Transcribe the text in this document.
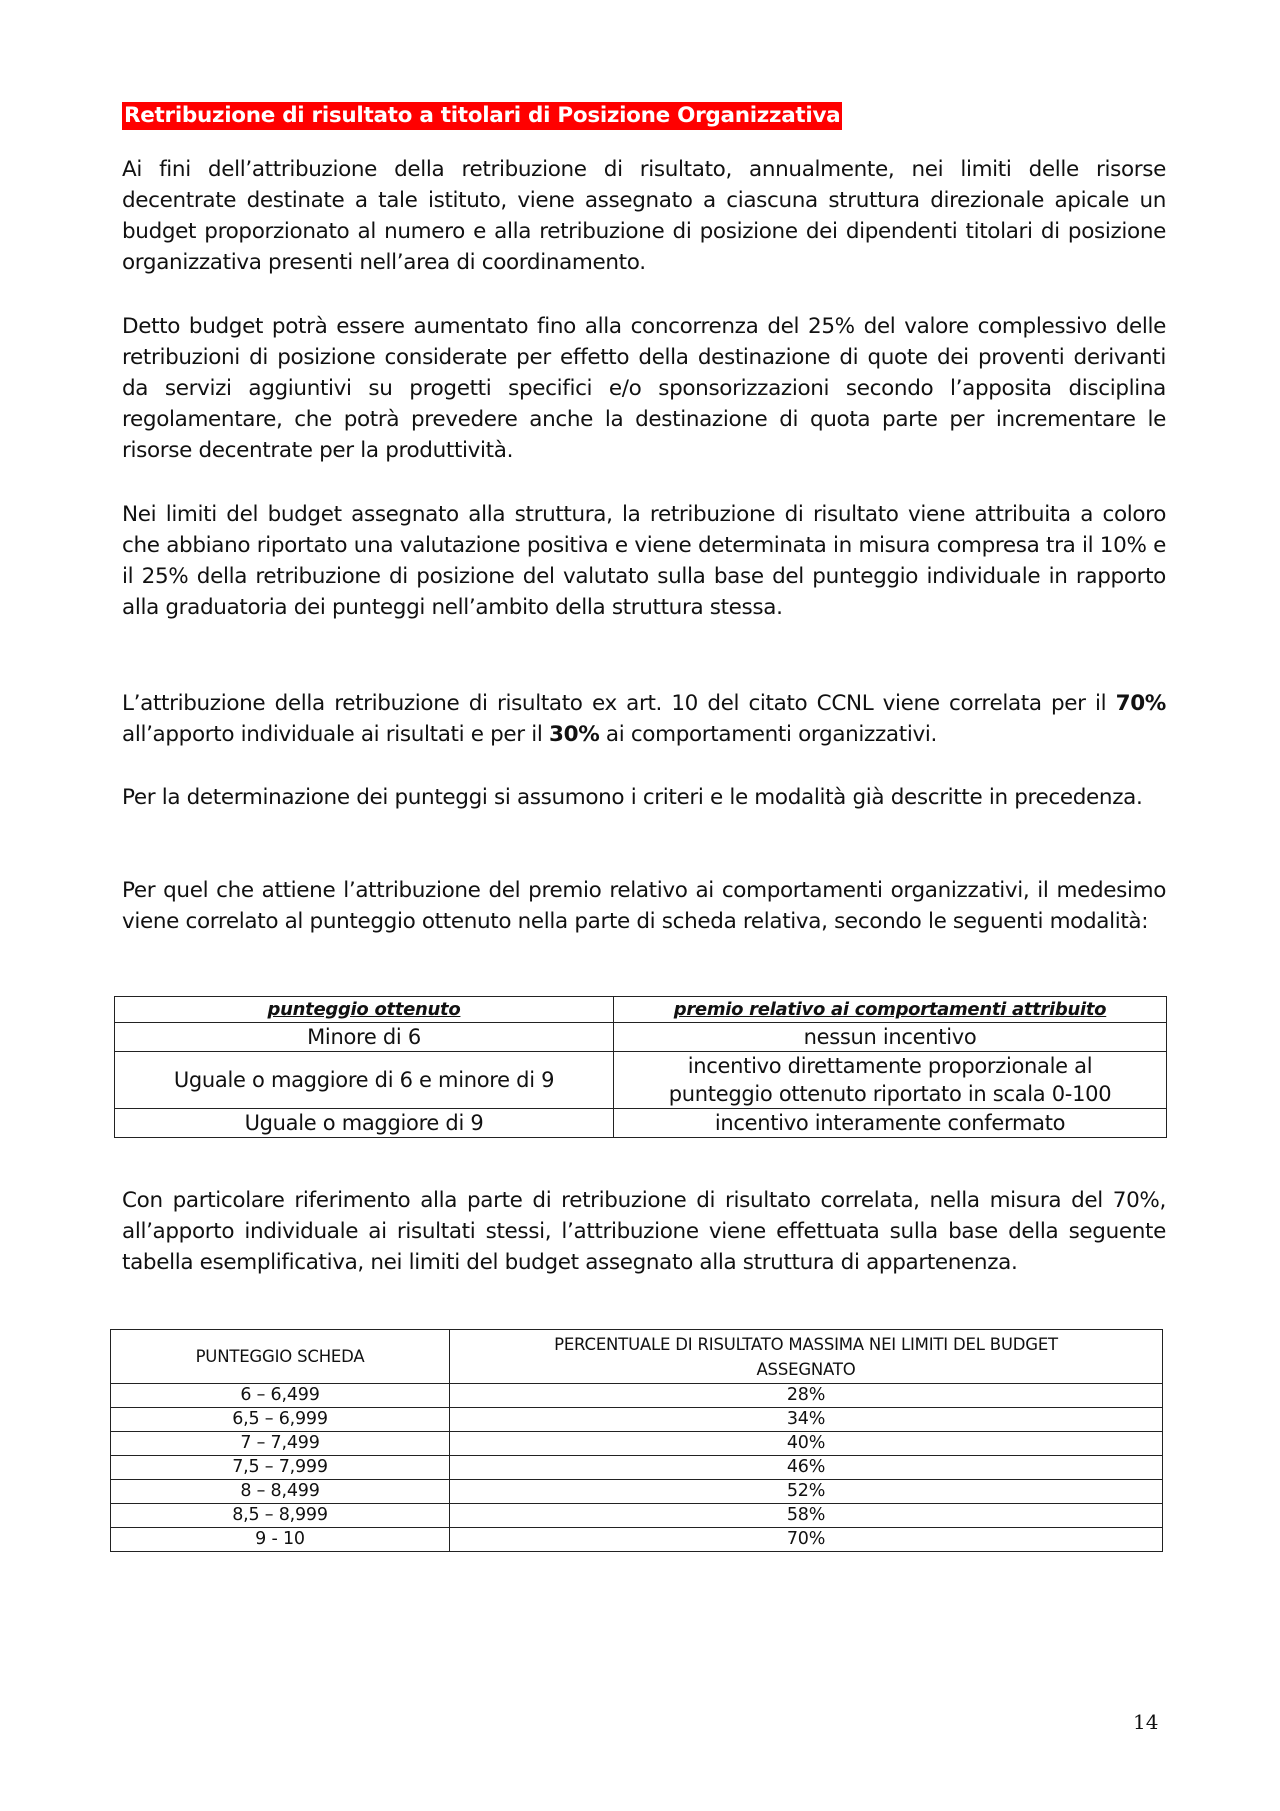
Retribuzione di risultato a titolari di Posizione Organizzativa

Ai fini dell’attribuzione della retribuzione di risultato, annualmente, nei limiti delle risorse decentrate destinate a tale istituto, viene assegnato a ciascuna struttura direzionale apicale un budget proporzionato al numero e alla retribuzione di posizione dei dipendenti titolari di posizione organizzativa presenti nell’area di coordinamento.

Detto budget potrà essere aumentato fino alla concorrenza del 25% del valore complessivo delle retribuzioni di posizione considerate per effetto della destinazione di quote dei proventi derivanti da servizi aggiuntivi su progetti specifici e/o sponsorizzazioni secondo l’apposita disciplina regolamentare, che potrà prevedere anche la destinazione di quota parte per incrementare le risorse decentrate per la produttività.

Nei limiti del budget assegnato alla struttura, la retribuzione di risultato viene attribuita a coloro che abbiano riportato una valutazione positiva e viene determinata in misura compresa tra il 10% e il 25% della retribuzione di posizione del valutato sulla base del punteggio individuale in rapporto alla graduatoria dei punteggi nell’ambito della struttura stessa.

L’attribuzione della retribuzione di risultato ex art. 10 del citato CCNL viene correlata per il 70% all’apporto individuale ai risultati e per il 30% ai comportamenti organizzativi.

Per la determinazione dei punteggi si assumono i criteri e le modalità già descritte in precedenza.

Per quel che attiene l’attribuzione del premio relativo ai comportamenti organizzativi, il medesimo viene correlato al punteggio ottenuto nella parte di scheda relativa, secondo le seguenti modalità:

punteggio ottenuto	premio relativo ai comportamenti attribuito
Minore di 6	nessun incentivo
Uguale o maggiore di 6 e minore di 9	incentivo direttamente proporzionale al punteggio ottenuto riportato in scala 0-100
Uguale o maggiore di 9	incentivo interamente confermato

Con particolare riferimento alla parte di retribuzione di risultato correlata, nella misura del 70%, all’apporto individuale ai risultati stessi, l’attribuzione viene effettuata sulla base della seguente tabella esemplificativa, nei limiti del budget assegnato alla struttura di appartenenza.

PUNTEGGIO SCHEDA	PERCENTUALE DI RISULTATO MASSIMA NEI LIMITI DEL BUDGET ASSEGNATO
6 – 6,499	28%
6,5 – 6,999	34%
7 – 7,499	40%
7,5 – 7,999	46%
8 – 8,499	52%
8,5 – 8,999	58%
9 - 10	70%
14
